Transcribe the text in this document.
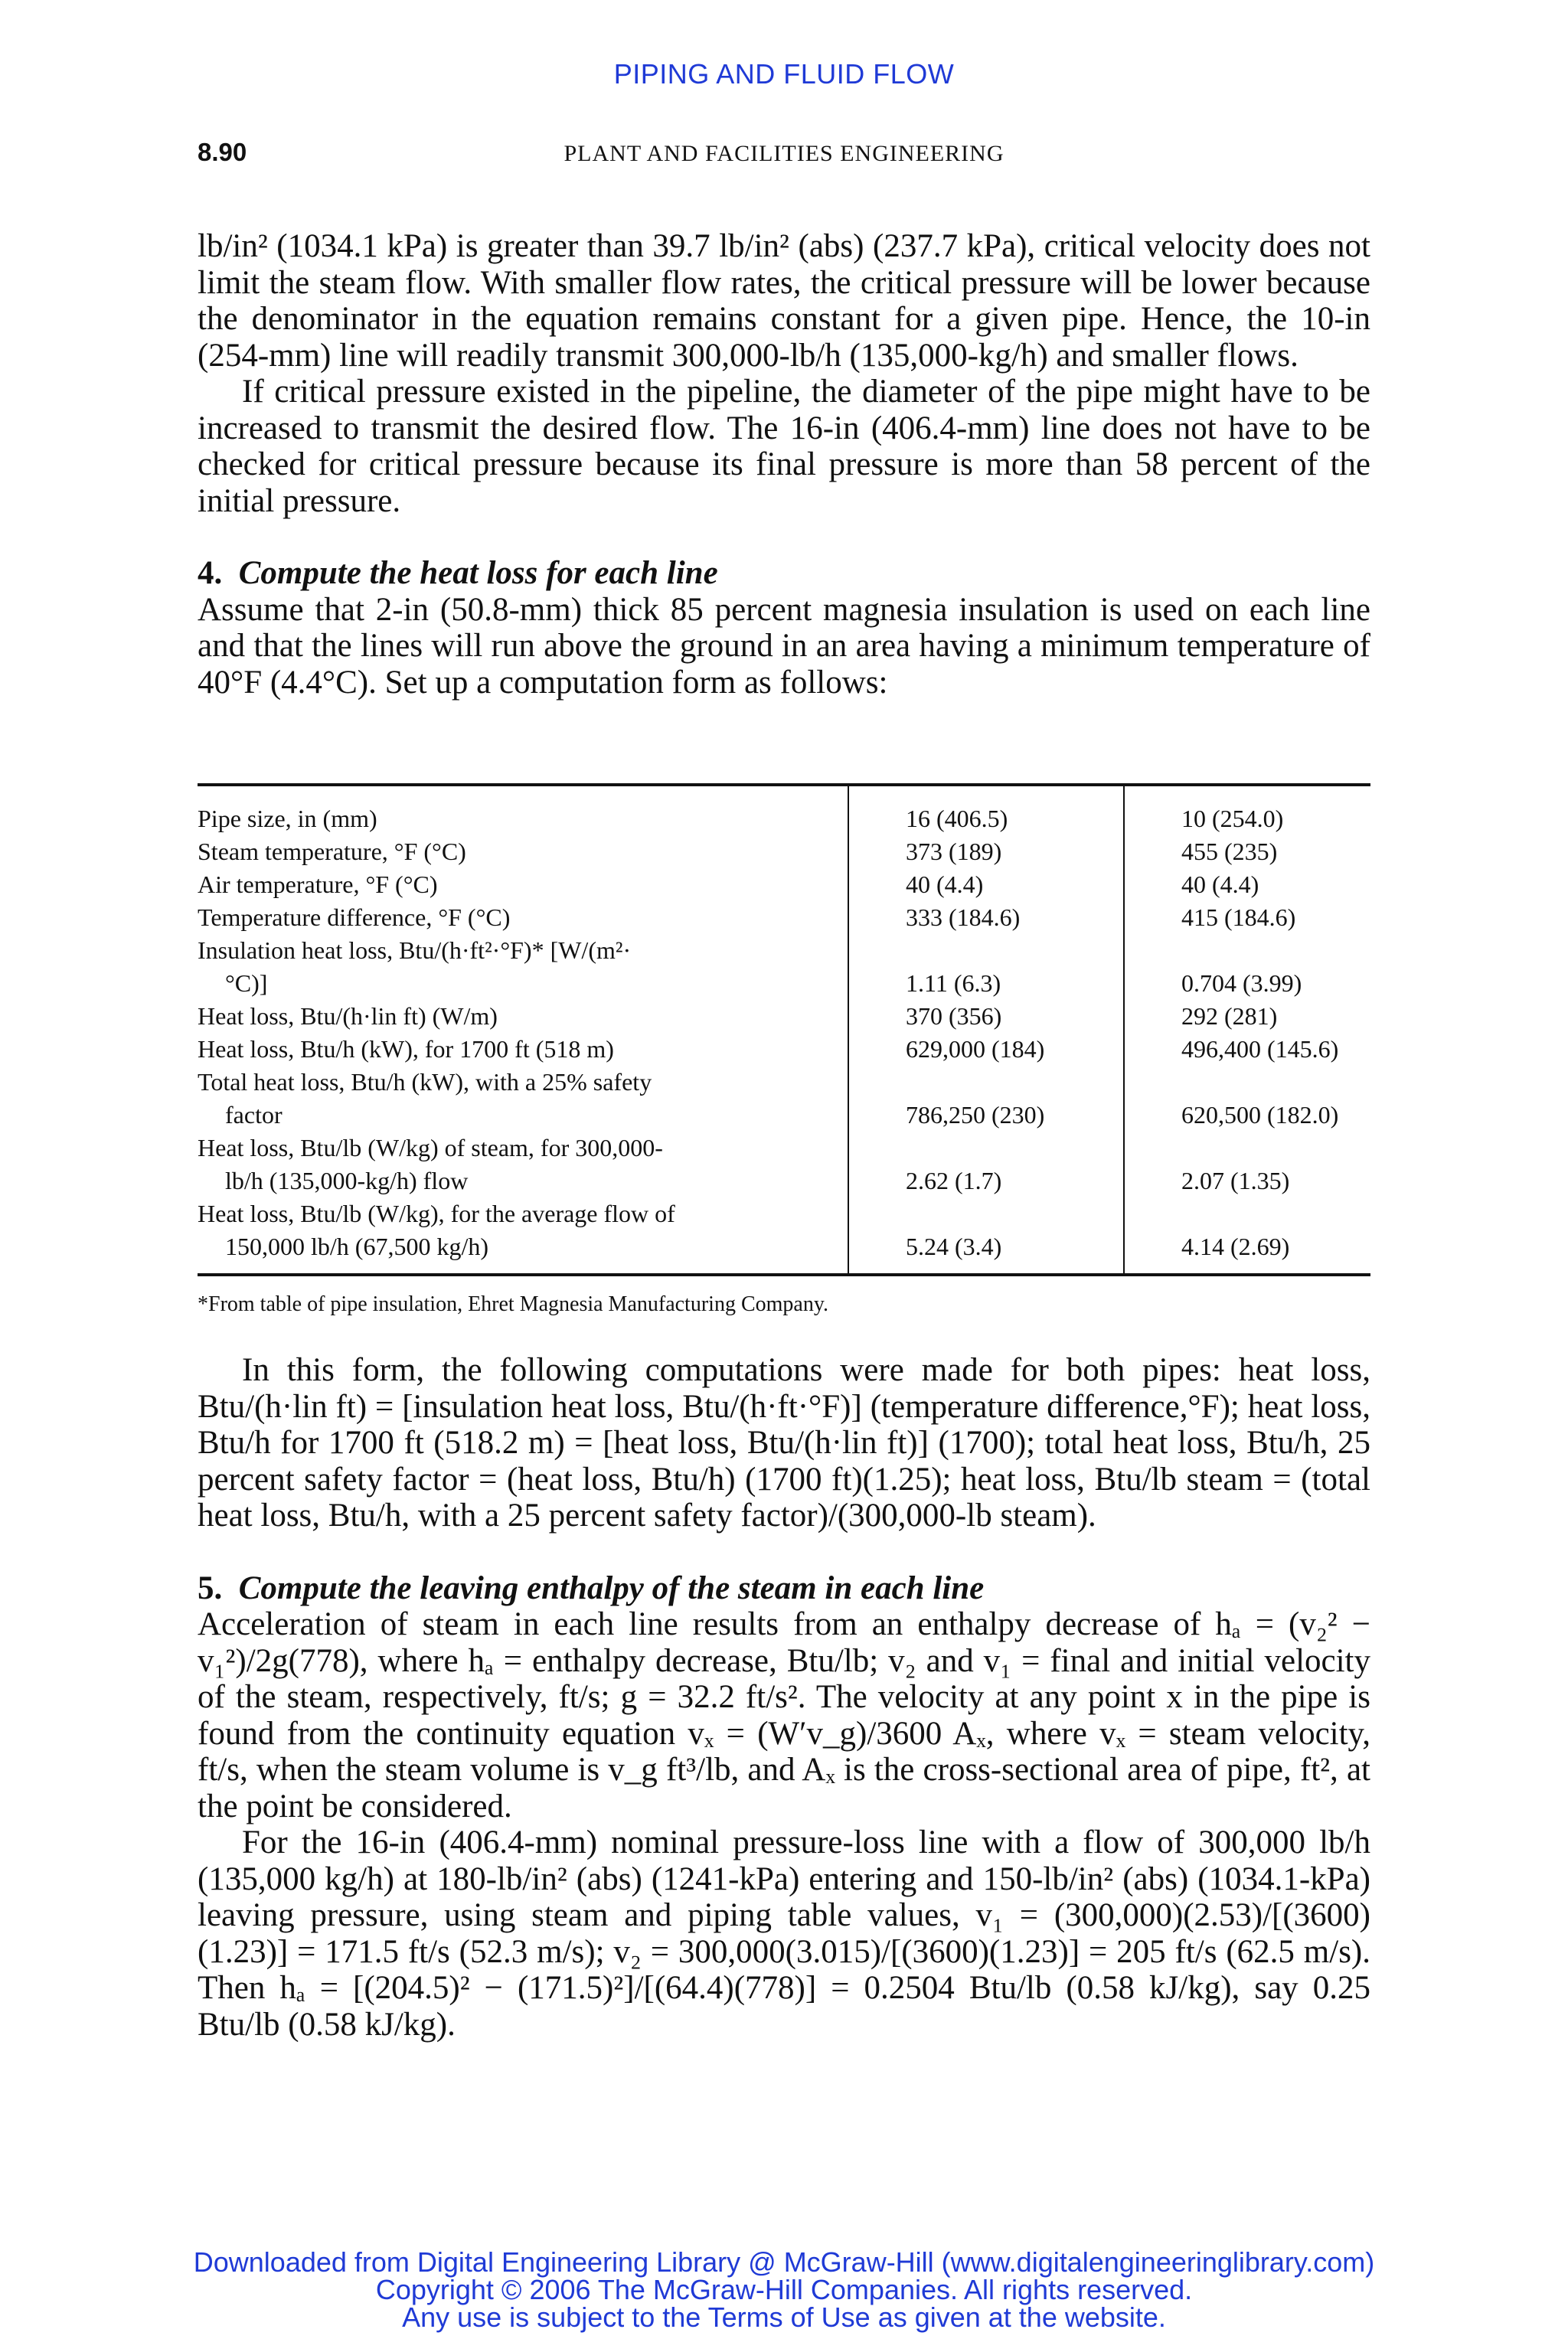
PIPING AND FLUID FLOW
8.90	PLANT AND FACILITIES ENGINEERING

lb/in² (1034.1 kPa) is greater than 39.7 lb/in² (abs) (237.7 kPa), critical velocity does not limit the steam flow. With smaller flow rates, the critical pressure will be lower because the denominator in the equation remains constant for a given pipe. Hence, the 10-in (254-mm) line will readily transmit 300,000-lb/h (135,000-kg/h) and smaller flows.

If critical pressure existed in the pipeline, the diameter of the pipe might have to be increased to transmit the desired flow. The 16-in (406.4-mm) line does not have to be checked for critical pressure because its final pressure is more than 58 percent of the initial pressure.

4. Compute the heat loss for each line

Assume that 2-in (50.8-mm) thick 85 percent magnesia insulation is used on each line and that the lines will run above the ground in an area having a minimum temperature of 40°F (4.4°C). Set up a computation form as follows:

Pipe size, in (mm)	16 (406.5)	10 (254.0)
Steam temperature, °F (°C)	373 (189)	455 (235)
Air temperature, °F (°C)	40 (4.4)	40 (4.4)
Temperature difference, °F (°C)	333 (184.6)	415 (184.6)
Insulation heat loss, Btu/(h·ft²·°F)* [W/(m²·
°C)]	1.11 (6.3)	0.704 (3.99)
Heat loss, Btu/(h·lin ft) (W/m)	370 (356)	292 (281)
Heat loss, Btu/h (kW), for 1700 ft (518 m)	629,000 (184)	496,400 (145.6)
Total heat loss, Btu/h (kW), with a 25% safety
factor	786,250 (230)	620,500 (182.0)
Heat loss, Btu/lb (W/kg) of steam, for 300,000-
lb/h (135,000-kg/h) flow	2.62 (1.7)	2.07 (1.35)
Heat loss, Btu/lb (W/kg), for the average flow of
150,000 lb/h (67,500 kg/h)	5.24 (3.4)	4.14 (2.69)
*From table of pipe insulation, Ehret Magnesia Manufacturing Company.

In this form, the following computations were made for both pipes: heat loss, Btu/(h·lin ft) = [insulation heat loss, Btu/(h·ft·°F)] (temperature difference,°F); heat loss, Btu/h for 1700 ft (518.2 m) = [heat loss, Btu/(h·lin ft)] (1700); total heat loss, Btu/h, 25 percent safety factor = (heat loss, Btu/h) (1700 ft)(1.25); heat loss, Btu/lb steam = (total heat loss, Btu/h, with a 25 percent safety factor)/(300,000-lb steam).

5. Compute the leaving enthalpy of the steam in each line

Acceleration of steam in each line results from an enthalpy decrease of hₐ = (v₂² − v₁²)/2g(778), where hₐ = enthalpy decrease, Btu/lb; v₂ and v₁ = final and initial velocity of the steam, respectively, ft/s; g = 32.2 ft/s². The velocity at any point x in the pipe is found from the continuity equation vₓ = (W′v_g)/3600 Aₓ, where vₓ = steam velocity, ft/s, when the steam volume is v_g ft³/lb, and Aₓ is the cross-sectional area of pipe, ft², at the point be considered.

For the 16-in (406.4-mm) nominal pressure-loss line with a flow of 300,000 lb/h (135,000 kg/h) at 180-lb/in² (abs) (1241-kPa) entering and 150-lb/in² (abs) (1034.1-kPa) leaving pressure, using steam and piping table values, v₁ = (300,000)(2.53)/[(3600)(1.23)] = 171.5 ft/s (52.3 m/s); v₂ = 300,000(3.015)/[(3600)(1.23)] = 205 ft/s (62.5 m/s). Then hₐ = [(204.5)² − (171.5)²]/[(64.4)(778)] = 0.2504 Btu/lb (0.58 kJ/kg), say 0.25 Btu/lb (0.58 kJ/kg).

Downloaded from Digital Engineering Library @ McGraw-Hill (www.digitalengineeringlibrary.com)
Copyright © 2006 The McGraw-Hill Companies. All rights reserved.
Any use is subject to the Terms of Use as given at the website.
